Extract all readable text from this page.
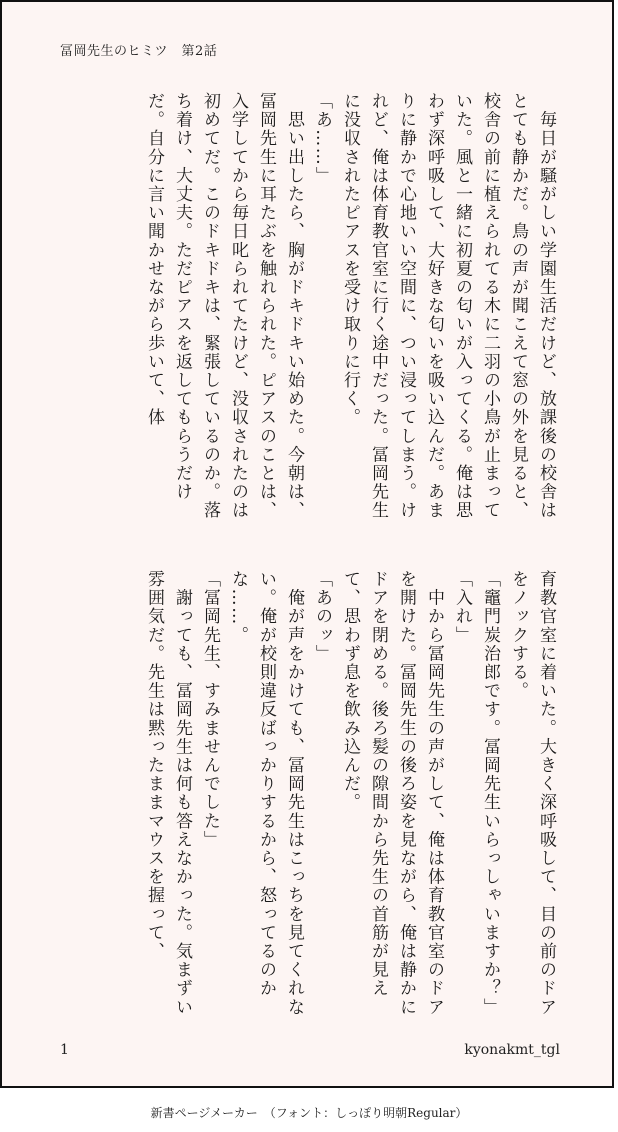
冨岡先生のヒミツ　第2話

　毎日が騒がしい学園生活だけど、放課後の校舎はとても静かだ。鳥の声が聞こえて窓の外を見ると、校舎の前に植えられてる木に二羽の小鳥が止まっていた。風と一緒に初夏の匂いが入ってくる。俺は思わず深呼吸して、大好きな匂いを吸い込んだ。あまりに静かで心地いい空間に、つい浸ってしまう。けれど、俺は体育教官室に行く途中だった。冨岡先生に没収されたピアスを受け取りに行く。

「あ……」

　思い出したら、胸がドキドキい始めた。今朝は、冨岡先生に耳たぶを触れられた。ピアスのことは、入学してから毎日叱られてたけど、没収されたのは初めてだ。このドキドキは、緊張しているのか。落ち着け、大丈夫。ただピアスを返してもらうだけだ。自分に言い聞かせながら歩いて、体

育教官室に着いた。大きく深呼吸して、目の前のドアをノックする。

「竈門炭治郎です。冨岡先生いらっしゃいますか？」

「入れ」

　中から冨岡先生の声がして、俺は体育教官室のドアを開けた。冨岡先生の後ろ姿を見ながら、俺は静かにドアを閉める。後ろ髪の隙間から先生の首筋が見えて、思わず息を飲み込んだ。

「あのッ」

　俺が声をかけても、冨岡先生はこっちを見てくれない。俺が校則違反ばっかりするから、怒ってるのかな……。

「冨岡先生、すみませんでした」

　謝っても、冨岡先生は何も答えなかった。気まずい雰囲気だ。先生は黙ったままマウスを握って、

1	kyonakmt_tgl
新書ページメーカー　（フォント：しっぽり明朝Regular）
